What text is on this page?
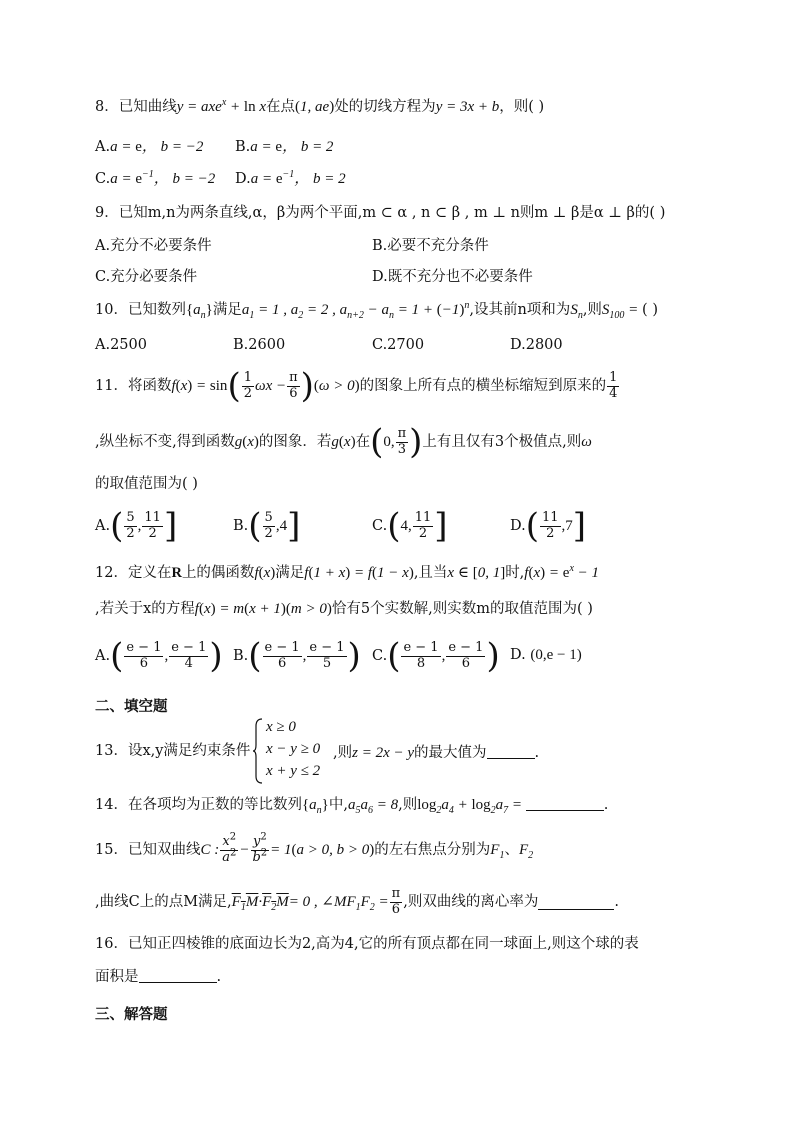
8．已知曲线y = axe$^x$ + ln x在点(1, ae)处的切线方程为y = 3x + b，则( )
A.a = e， b = −2 B.a = e， b = 2
$C.a = e^{-1}$， b = −2 $D.a = e^{-1}$， b = 2
9．已知m,n为两条直线,α，β为两个平面,m ⊂ α , n ⊂ β , m ⊥ n则m ⊥ β是α ⊥ β的( )
A.充分不必要条件	B.必要不充分条件
C.充分必要条件	D.既不充分也不必要条件
10．已知数列$\{a_n\}$满足$a_1 = 1$ , $a_2 = 2$ , $a_{n+2} - a_n = 1 + (-1)^n$,设其前n项和为$S_n$,则$S_{100}$ = ( )
A.2500	B.2600	C.2700	D.2800
11．将函数 f(x) = sin ( $\frac{1}{2}$ $\omega x - \frac{\pi}{6}$ ) (ω > 0) 的图象上所有点的横坐标缩短到原来的 $\frac{1}{4}$
,纵坐标不变,得到函数 g(x) 的图象．若 g(x) 在 ( 0, $\frac{\pi}{3}$ ) 上有且仅有3个极值点,则 ω
的取值范围为( )
A. ( $\frac{5}{2}$ , $\frac{11}{2}$ ]	B. ( $\frac{5}{2} ,4$ ]	C. ( 4, $\frac{11}{2}$ ]	D. ( $\frac{11}{2} ,7$ ]
12．定义在R上的偶函数f(x)满足f(1 + x) = f(1 − x),且当x ∈ [0, 1]时$,f(x) = e^x - 1$
,若关于x的方程f(x) = m(x + 1)(m > 0)恰有5个实数解,则实数m的取值范围为( )
A. ( $\frac{e - 1}{6}$ , $\frac{e - 1}{4}$ ) B. ( $\frac{e - 1}{6}$ , $\frac{e - 1}{5}$ ) C. ( $\frac{e - 1}{8}$ , $\frac{e - 1}{6}$ ) D. (0,e − 1)
二、填空题
13．设x,y满足约束条件
x ≥ 0
x − y ≥ 0
x + y ≤ 2
,则z = 2x − y的最大值为	.
14．在各项均为正数的等比数列$\{a_n\}$中$,a_5a_6 = 8$,则$\log_2a_4 + \log_2a_7$ =	.
15．已知双曲线 C : $\frac{x^2}{a^2} - \frac{y^2}{b^2} = 1(a > 0$, b > 0) 的左右焦点分别为 $F_1$ 、 $F_2$
,曲线C上的点M满足, $F_1M \cdot F_2M = 0$ , $\angle MF_1F_2 = \frac{\pi}{6}$ ,则双曲线的离心率为	.
16．已知正四棱锥的底面边长为2,高为4,它的所有顶点都在同一球面上,则这个球的表
面积是	.
三、解答题
